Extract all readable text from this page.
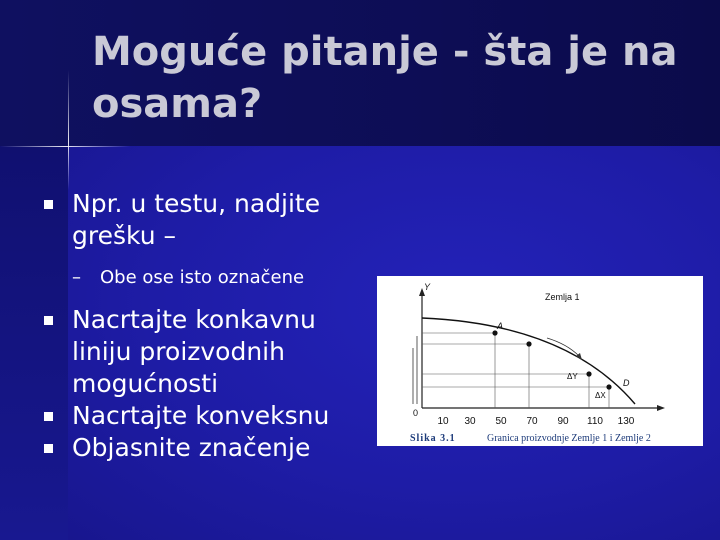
Moguće pitanje - šta je na osama?
Npr. u testu, nadjite grešku –
– Obe ose isto označene
Nacrtajte konkavnu liniju proizvodnih mogućnosti
Nacrtajte konveksnu
Objasnite značenje
Y
0
Zemlja 1
A
D
ΔY
ΔX
10 30 50 70 90 110 130
Slika 3.1	Granica proizvodnje Zemlje 1 i Zemlje 2
